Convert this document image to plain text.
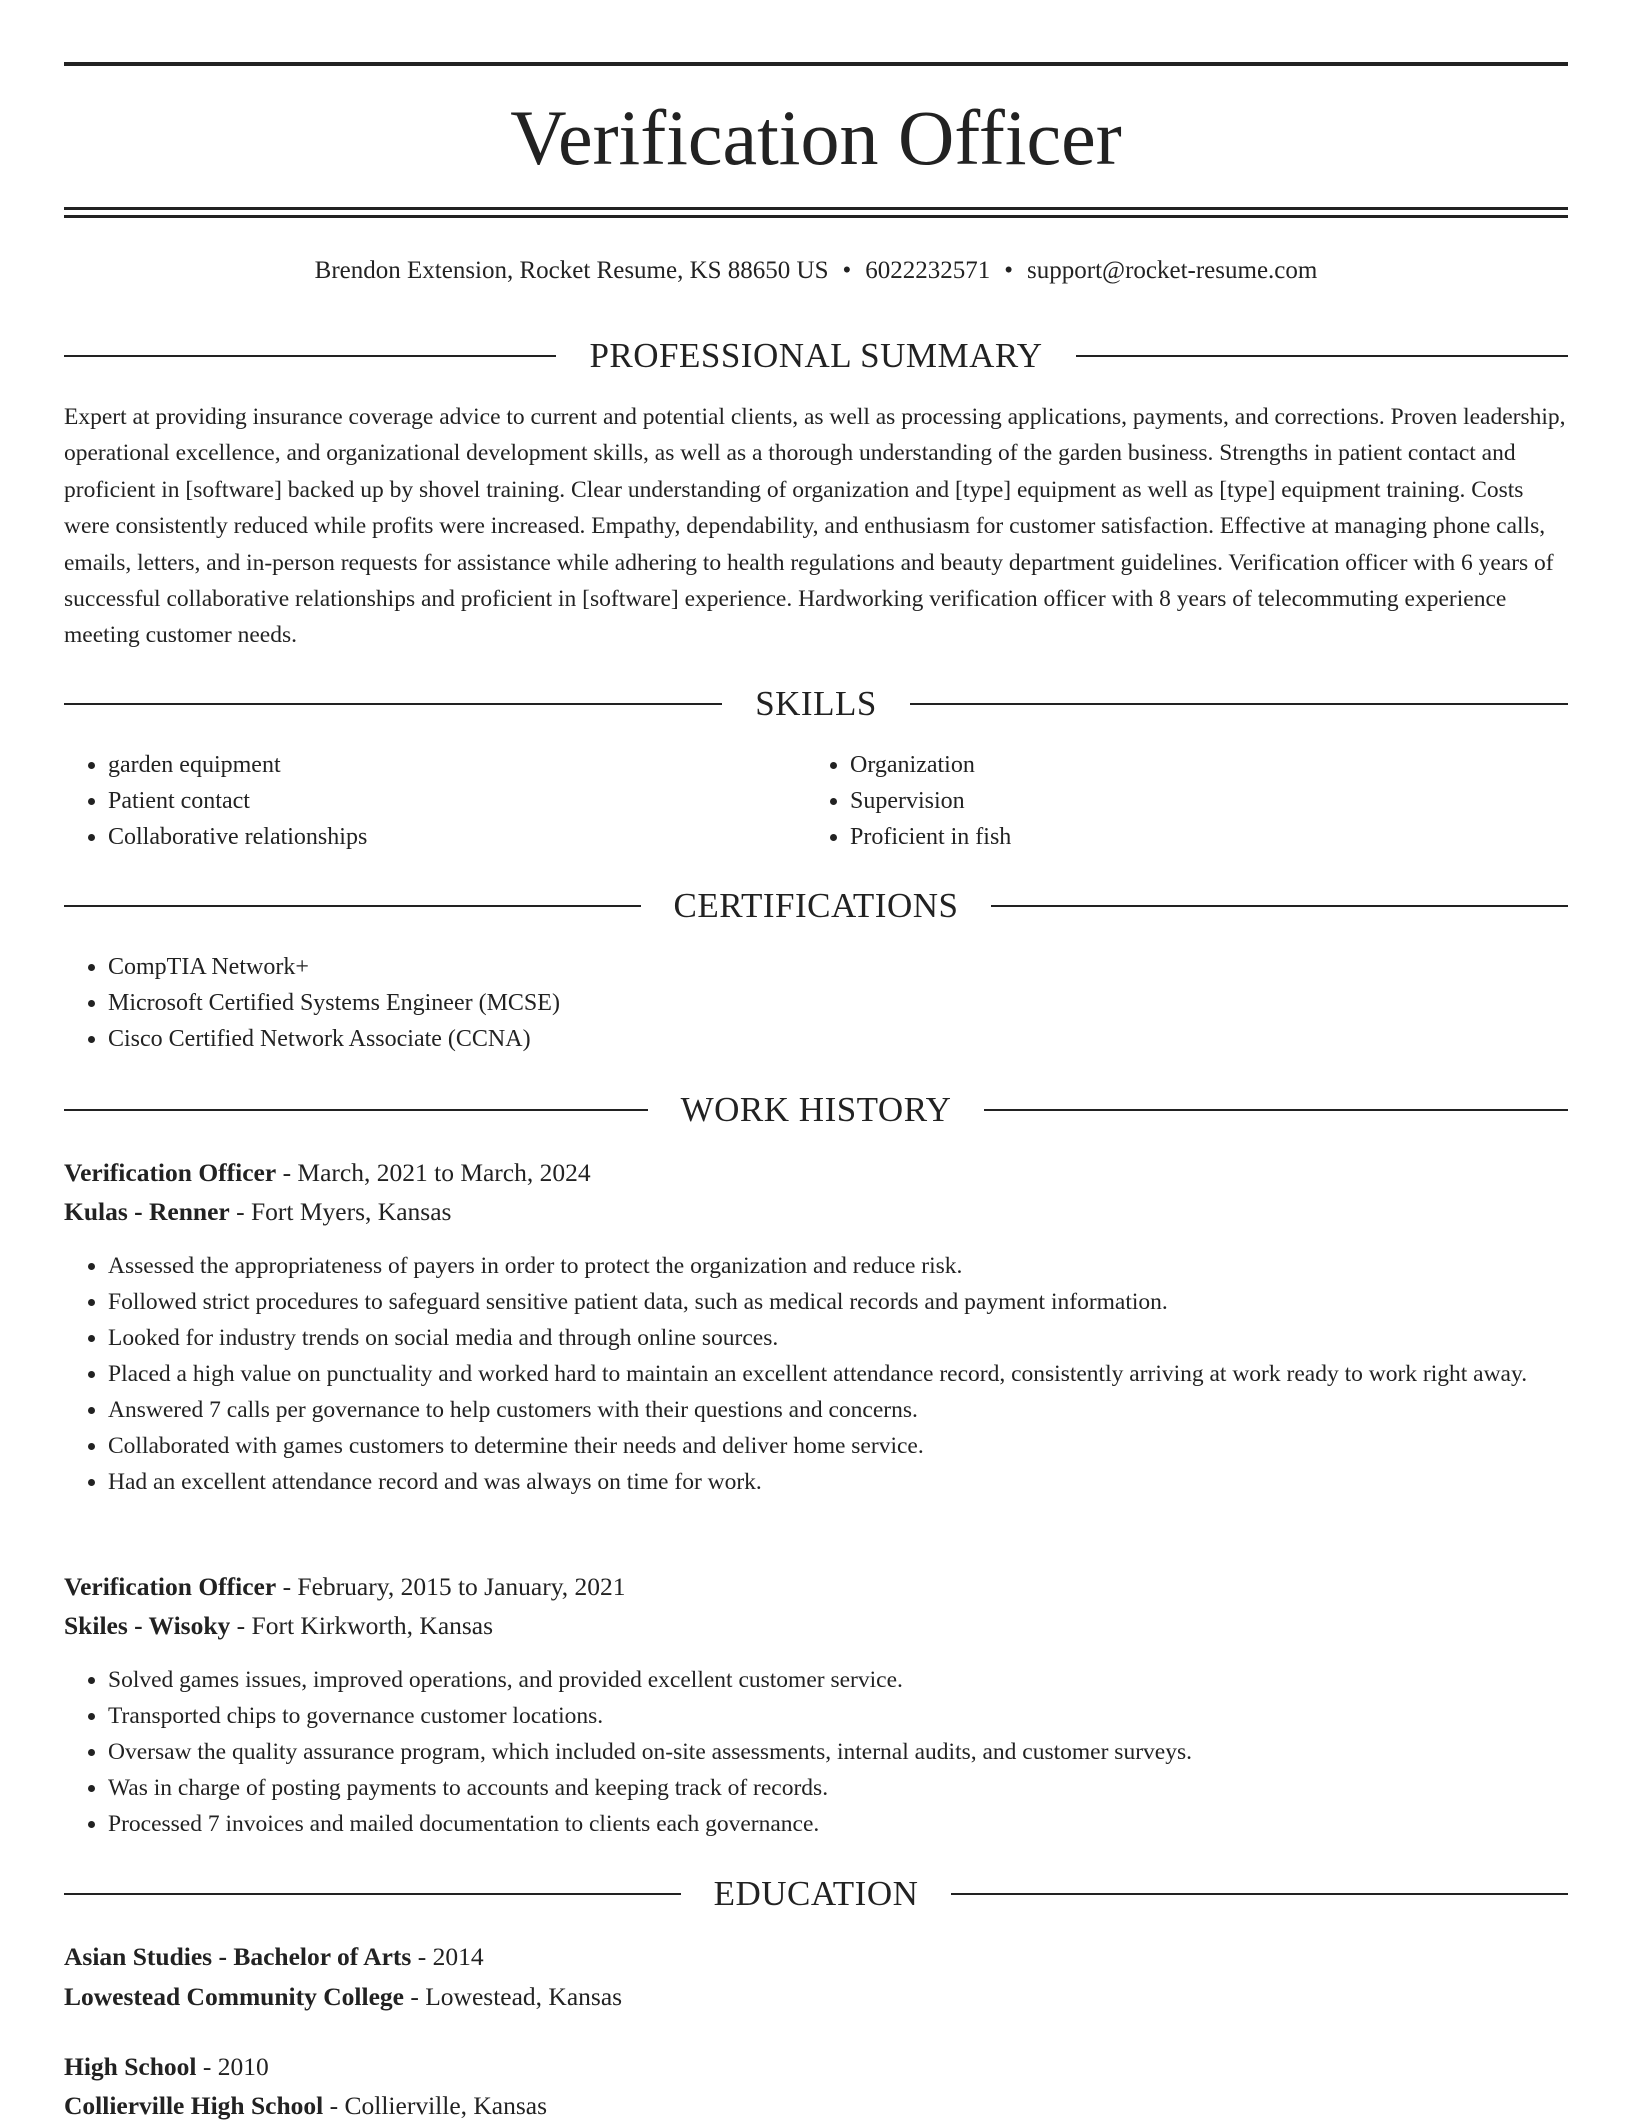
Verification Officer
Brendon Extension, Rocket Resume, KS 88650 US • 6022232571 • support@rocket-resume.com
PROFESSIONAL SUMMARY
Expert at providing insurance coverage advice to current and potential clients, as well as processing applications, payments, and corrections. Proven leadership, operational excellence, and organizational development skills, as well as a thorough understanding of the garden business. Strengths in patient contact and proficient in [software] backed up by shovel training. Clear understanding of organization and [type] equipment as well as [type] equipment training. Costs were consistently reduced while profits were increased. Empathy, dependability, and enthusiasm for customer satisfaction. Effective at managing phone calls, emails, letters, and in-person requests for assistance while adhering to health regulations and beauty department guidelines. Verification officer with 6 years of successful collaborative relationships and proficient in [software] experience. Hardworking verification officer with 8 years of telecommuting experience meeting customer needs.
SKILLS
• garden equipment
• Patient contact
• Collaborative relationships
• Organization
• Supervision
• Proficient in fish
CERTIFICATIONS
• CompTIA Network+
• Microsoft Certified Systems Engineer (MCSE)
• Cisco Certified Network Associate (CCNA)
WORK HISTORY
Verification Officer - March, 2021 to March, 2024
Kulas - Renner - Fort Myers, Kansas
• Assessed the appropriateness of payers in order to protect the organization and reduce risk.
• Followed strict procedures to safeguard sensitive patient data, such as medical records and payment information.
• Looked for industry trends on social media and through online sources.
• Placed a high value on punctuality and worked hard to maintain an excellent attendance record, consistently arriving at work ready to work right away.
• Answered 7 calls per governance to help customers with their questions and concerns.
• Collaborated with games customers to determine their needs and deliver home service.
• Had an excellent attendance record and was always on time for work.
Verification Officer - February, 2015 to January, 2021
Skiles - Wisoky - Fort Kirkworth, Kansas
• Solved games issues, improved operations, and provided excellent customer service.
• Transported chips to governance customer locations.
• Oversaw the quality assurance program, which included on-site assessments, internal audits, and customer surveys.
• Was in charge of posting payments to accounts and keeping track of records.
• Processed 7 invoices and mailed documentation to clients each governance.
EDUCATION
Asian Studies - Bachelor of Arts - 2014
Lowestead Community College - Lowestead, Kansas
High School - 2010
Collierville High School - Collierville, Kansas
